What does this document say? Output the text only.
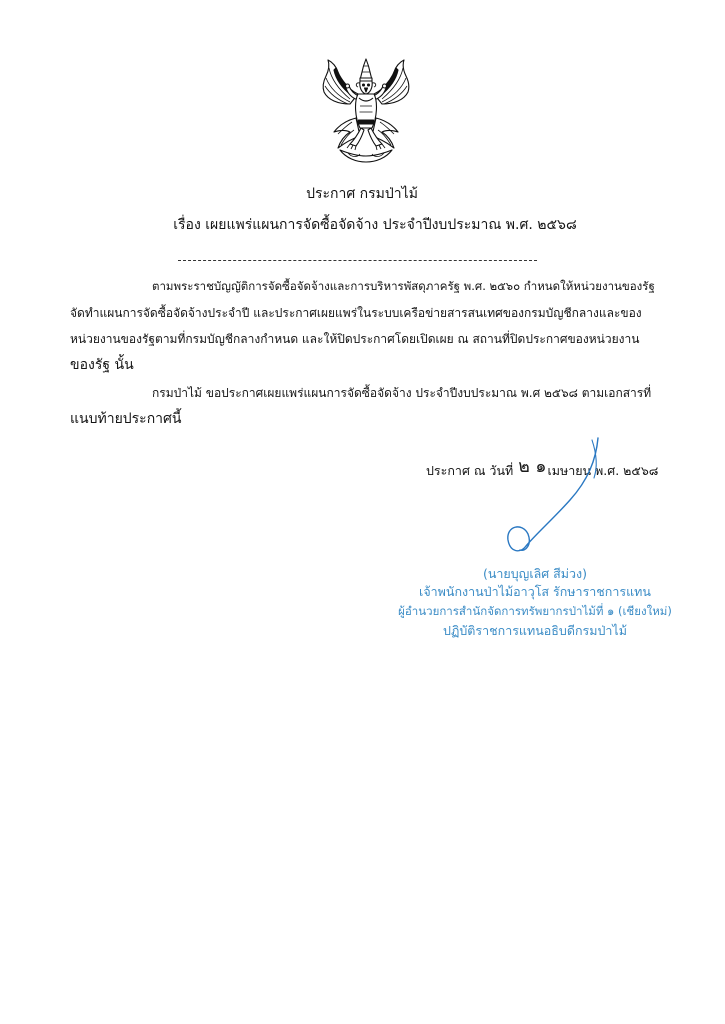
ประกาศ กรมป่าไม้
เรื่อง เผยแพร่แผนการจัดซื้อจัดจ้าง ประจำปีงบประมาณ พ.ศ. ๒๕๖๘
ตามพระราชบัญญัติการจัดซื้อจัดจ้างและการบริหารพัสดุภาครัฐ พ.ศ. ๒๕๖๐ กำหนดให้หน่วยงานของรัฐ
จัดทำแผนการจัดซื้อจัดจ้างประจำปี และประกาศเผยแพร่ในระบบเครือข่ายสารสนเทศของกรมบัญชีกลางและของ
หน่วยงานของรัฐตามที่กรมบัญชีกลางกำหนด และให้ปิดประกาศโดยเปิดเผย ณ สถานที่ปิดประกาศของหน่วยงาน
ของรัฐ นั้น
กรมป่าไม้ ขอประกาศเผยแพร่แผนการจัดซื้อจัดจ้าง ประจำปีงบประมาณ พ.ศ ๒๕๖๘ ตามเอกสารที่
แนบท้ายประกาศนี้
ประกาศ ณ วันที่ ๒ ๑เมษายน พ.ศ. ๒๕๖๘
(นายบุญเลิศ สีม่วง)
เจ้าพนักงานป่าไม้อาวุโส รักษาราชการแทน
ผู้อำนวยการสำนักจัดการทรัพยากรป่าไม้ที่ ๑ (เชียงใหม่)
ปฏิบัติราชการแทนอธิบดีกรมป่าไม้
